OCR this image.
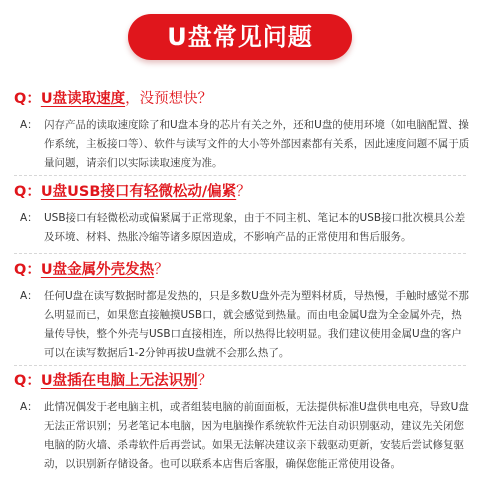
U盘常见问题
Q：U盘读取速度，没预想快？
A： 闪存产品的读取速度除了和U盘本身的芯片有关之外，还和U盘的使用环境（如电脑配置、操作系统，主板接口等）、软件与读写文件的大小等外部因素都有关系，因此速度问题不属于质量问题，请亲们以实际读取速度为准。
Q：U盘USB接口有轻微松动/偏紧？
A： USB接口有轻微松动或偏紧属于正常现象，由于不同主机、笔记本的USB接口批次模具公差及环境、材料、热胀冷缩等诸多原因造成，不影响产品的正常使用和售后服务。
Q：U盘金属外壳发热？
A： 任何U盘在读写数据时都是发热的，只是多数U盘外壳为塑料材质，导热慢，手触时感觉不那么明显而已，如果您直接触摸USB口，就会感觉到热量。而由电金属U盘为全金属外壳，热量传导快，整个外壳与USB口直接相连，所以热得比较明显。我们建议使用金属U盘的客户可以在读写数据后1-2分钟再拔U盘就不会那么热了。
Q：U盘插在电脑上无法识别？
A： 此情况偶发于老电脑主机，或者组装电脑的前面面板，无法提供标准U盘供电电亮，导致U盘无法正常识别；另老笔记本电脑，因为电脑操作系统软件无法自动识别驱动，建议先关闭您电脑的防火墙、杀毒软件后再尝试。如果无法解决建议亲下载驱动更新，安装后尝试修复驱动，以识别新存储设备。也可以联系本店售后客服，确保您能正常使用设备。
